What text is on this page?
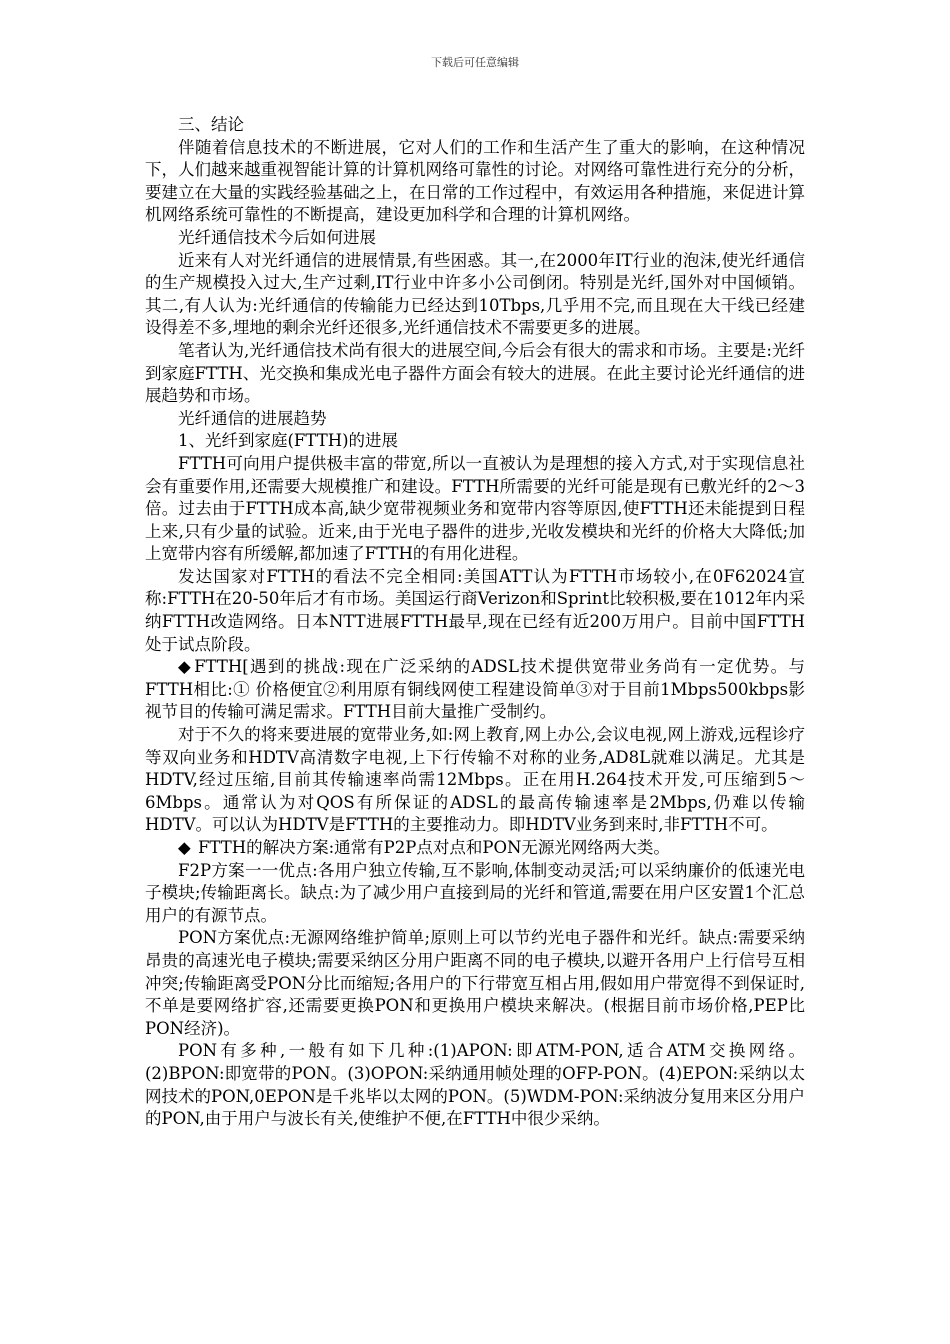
下载后可任意编辑

三、结论

伴随着信息技术的不断进展，它对人们的工作和生活产生了重大的影响，在这种情况下，人们越来越重视智能计算的计算机网络可靠性的讨论。对网络可靠性进行充分的分析，要建立在大量的实践经验基础之上，在日常的工作过程中，有效运用各种措施，来促进计算机网络系统可靠性的不断提高，建设更加科学和合理的计算机网络。

光纤通信技术今后如何进展

近来有人对光纤通信的进展情景,有些困惑。其一,在2000年IT行业的泡沫,使光纤通信的生产规模投入过大,生产过剩,IT行业中许多小公司倒闭。特别是光纤,国外对中国倾销。其二,有人认为:光纤通信的传输能力已经达到10Tbps,几乎用不完,而且现在大干线已经建设得差不多,埋地的剩余光纤还很多,光纤通信技术不需要更多的进展。

笔者认为,光纤通信技术尚有很大的进展空间,今后会有很大的需求和市场。主要是:光纤到家庭FTTH、光交换和集成光电子器件方面会有较大的进展。在此主要讨论光纤通信的进展趋势和市场。

光纤通信的进展趋势

1、光纤到家庭(FTTH)的进展

FTTH可向用户提供极丰富的带宽,所以一直被认为是理想的接入方式,对于实现信息社会有重要作用,还需要大规模推广和建设。FTTH所需要的光纤可能是现有已敷光纤的2～3倍。过去由于FTTH成本高,缺少宽带视频业务和宽带内容等原因,使FTTH还未能提到日程上来,只有少量的试验。近来,由于光电子器件的进步,光收发模块和光纤的价格大大降低;加上宽带内容有所缓解,都加速了FTTH的有用化进程。

发达国家对FTTH的看法不完全相同:美国ATT认为FTTH市场较小,在0F62024宣称:FTTH在20-50年后才有市场。美国运行商Verizon和Sprint比较积极,要在1012年内采纳FTTH改造网络。日本NTT进展FTTH最早,现在已经有近200万用户。目前中国FTTH处于试点阶段。

◆ FTTH[遇到的挑战:现在广泛采纳的ADSL技术提供宽带业务尚有一定优势。与FTTH相比:① 价格便宜②利用原有铜线网使工程建设简单③对于目前1Mbps500kbps影视节目的传输可满足需求。FTTH目前大量推广受制约。

对于不久的将来要进展的宽带业务,如:网上教育,网上办公,会议电视,网上游戏,远程诊疗等双向业务和HDTV高清数字电视,上下行传输不对称的业务,AD8L就难以满足。尤其是HDTV,经过压缩,目前其传输速率尚需12Mbps。正在用H.264技术开发,可压缩到5～6Mbps。通常认为对QOS有所保证的ADSL的最高传输速率是2Mbps,仍难以传输HDTV。可以认为HDTV是FTTH的主要推动力。即HDTV业务到来时,非FTTH不可。

◆ FTTH的解决方案:通常有P2P点对点和PON无源光网络两大类。

F2P方案一一优点:各用户独立传输,互不影响,体制变动灵活;可以采纳廉价的低速光电子模块;传输距离长。缺点:为了减少用户直接到局的光纤和管道,需要在用户区安置1个汇总用户的有源节点。

PON方案优点:无源网络维护简单;原则上可以节约光电子器件和光纤。缺点:需要采纳昂贵的高速光电子模块;需要采纳区分用户距离不同的电子模块,以避开各用户上行信号互相冲突;传输距离受PON分比而缩短;各用户的下行带宽互相占用,假如用户带宽得不到保证时,不单是要网络扩容,还需要更换PON和更换用户模块来解决。(根据目前市场价格,PEP比PON经济)。

PON有多种,一般有如下几种:(1)APON:即ATM-PON,适合ATM交换网络。(2)BPON:即宽带的PON。(3)OPON:采纳通用帧处理的OFP-PON。(4)EPON:采纳以太网技术的PON,0EPON是千兆毕以太网的PON。(5)WDM-PON:采纳波分复用来区分用户的PON,由于用户与波长有关,使维护不便,在FTTH中很少采纳。
